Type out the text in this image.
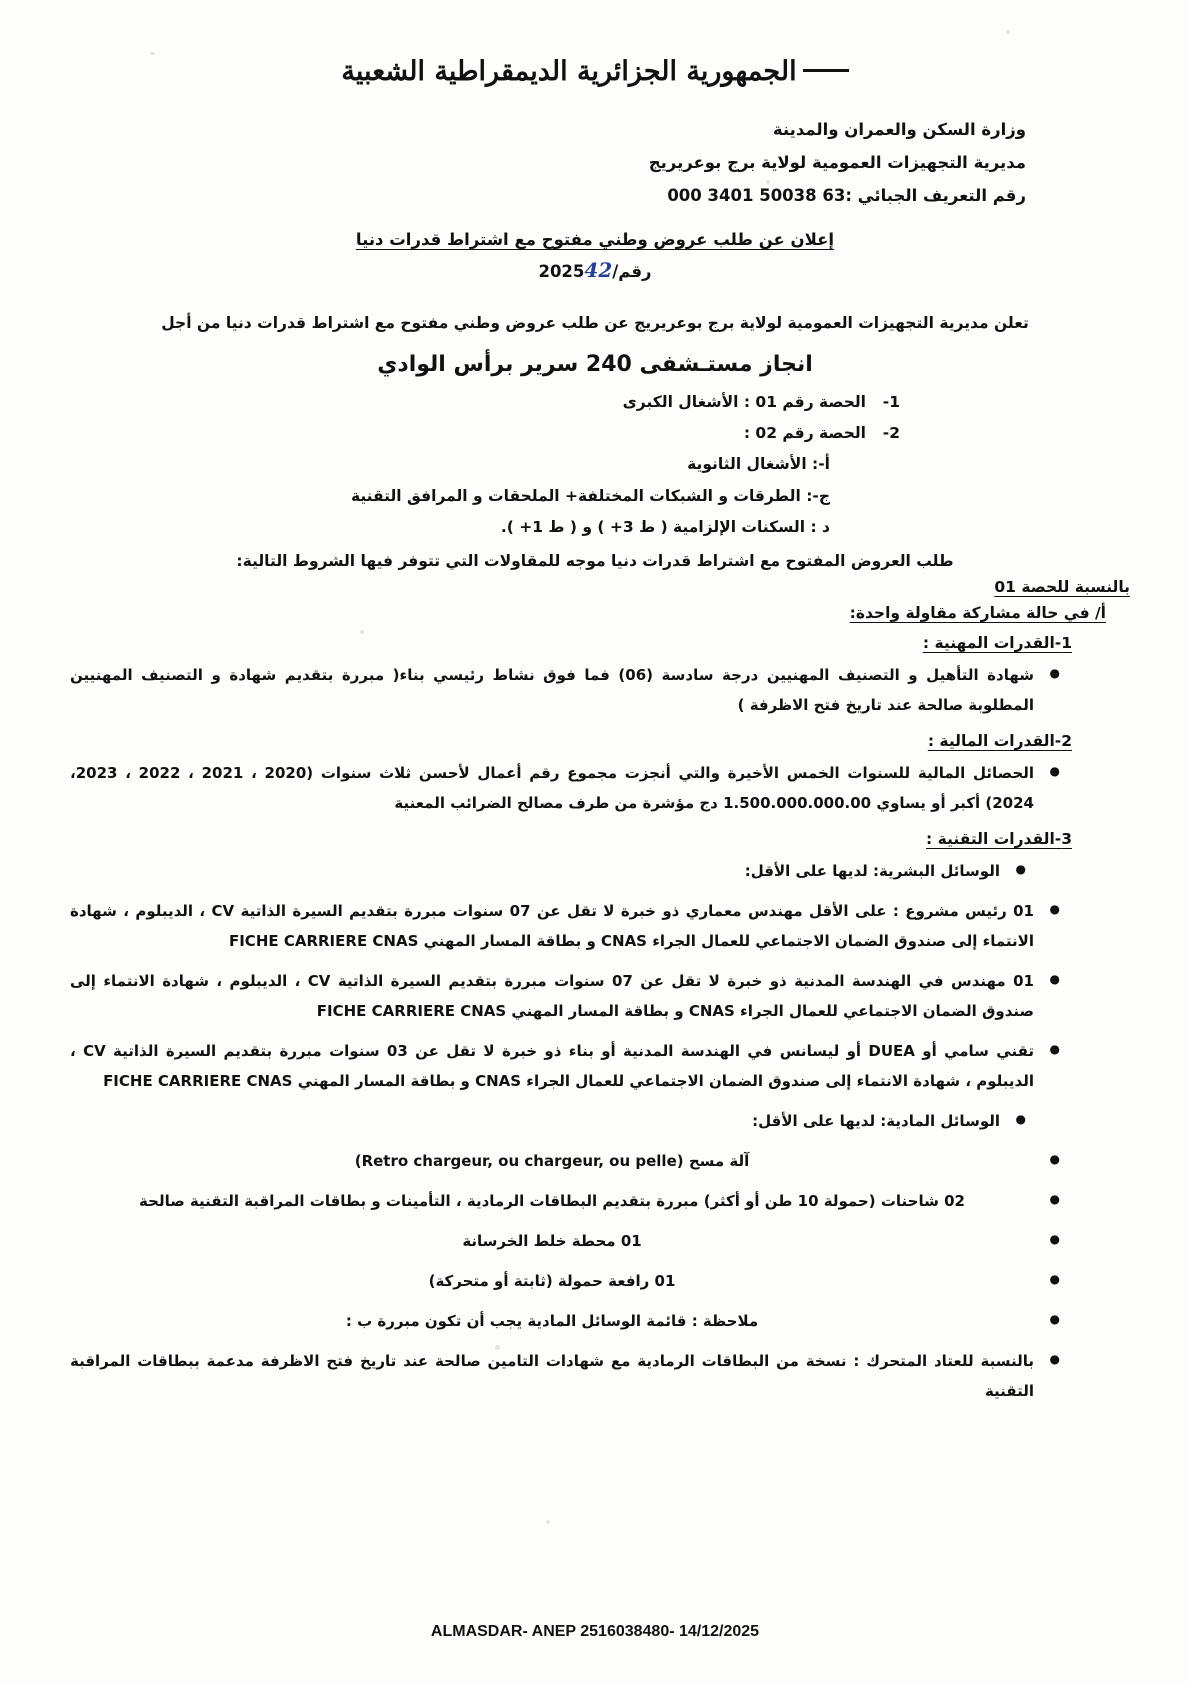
الجمهورية الجزائرية الديمقراطية الشعبية
وزارة السكن والعمران والمدينة
مديرية التجهيزات العمومية لولاية برج بوعريريج
رقم التعريف الجبائي :63 50038 3401 000
إعلان عن طلب عروض وطني مفتوح مع اشتراط قدرات دنيا
رقم/202542
تعلن مديرية التجهيزات العمومية لولاية برج بوعريريج عن طلب عروض وطني مفتوح مع اشتراط قدرات دنيا من أجل
انجاز مستـشفى 240 سرير برأس الوادي
1-
الحصة رقم 01 : الأشغال الكبرى
2-
الحصة رقم 02 :
أ-: الأشغال الثانوية
ج-: الطرقات و الشبكات المختلفة+ الملحقات و المرافق التقنية
د : السكنات الإلزامية ( ط 3+ ) و ( ط 1+ ).
طلب العروض المفتوح مع اشتراط قدرات دنيا موجه للمقاولات التي تتوفر فيها الشروط التالية:
بالنسبة للحصة 01
أ/ في حالة مشاركة مقاولة واحدة:
1-القدرات المهنية :
● شهادة التأهيل و التصنيف المهنيين درجة سادسة (06) فما فوق نشاط رئيسي بناء( مبررة بتقديم شهادة و التصنيف المهنيين المطلوبة صالحة عند تاريخ فتح الاظرفة )
2-القدرات المالية :
● الحصائل المالية للسنوات الخمس الأخيرة والتي أنجزت مجموع رقم أعمال لأحسن ثلاث سنوات (2020 ، 2021 ، 2022 ، 2023، 2024) أكبر أو يساوي 1.500.000.000.00 دج مؤشرة من طرف مصالح الضرائب المعنية
3-القدرات التقنية :
● الوسائل البشرية: لديها على الأقل:
● 01 رئيس مشروع : على الأقل مهندس معماري ذو خبرة لا تقل عن 07 سنوات مبررة بتقديم السيرة الذاتية CV ، الديبلوم ، شهادة الانتماء إلى صندوق الضمان الاجتماعي للعمال الجراء CNAS و بطاقة المسار المهني FICHE CARRIERE CNAS
● 01 مهندس في الهندسة المدنية ذو خبرة لا تقل عن 07 سنوات مبررة بتقديم السيرة الذاتية CV ، الديبلوم ، شهادة الانتماء إلى صندوق الضمان الاجتماعي للعمال الجراء CNAS و بطاقة المسار المهني FICHE CARRIERE CNAS
● تقني سامي أو DUEA أو ليسانس في الهندسة المدنية أو بناء ذو خبرة لا تقل عن 03 سنوات مبررة بتقديم السيرة الذاتية CV ، الديبلوم ، شهادة الانتماء إلى صندوق الضمان الاجتماعي للعمال الجراء CNAS و بطاقة المسار المهني FICHE CARRIERE CNAS
● الوسائل المادية: لديها على الأقل:
● آلة مسح (Retro chargeur, ou chargeur, ou pelle)
● 02 شاحنات (حمولة 10 طن أو أكثر) مبررة بتقديم البطاقات الرمادية ، التأمينات و بطاقات المراقبة التقنية صالحة
● 01 محطة خلط الخرسانة
● 01 رافعة حمولة (ثابتة أو متحركة)
● ملاحظة : قائمة الوسائل المادية يجب أن تكون مبررة ب :
● بالنسبة للعتاد المتحرك : نسخة من البطاقات الرمادية مع شهادات التامين صالحة عند تاريخ فتح الاظرفة مدعمة ببطاقات المراقبة التقنية
ALMASDAR- ANEP 2516038480- 14/12/2025
